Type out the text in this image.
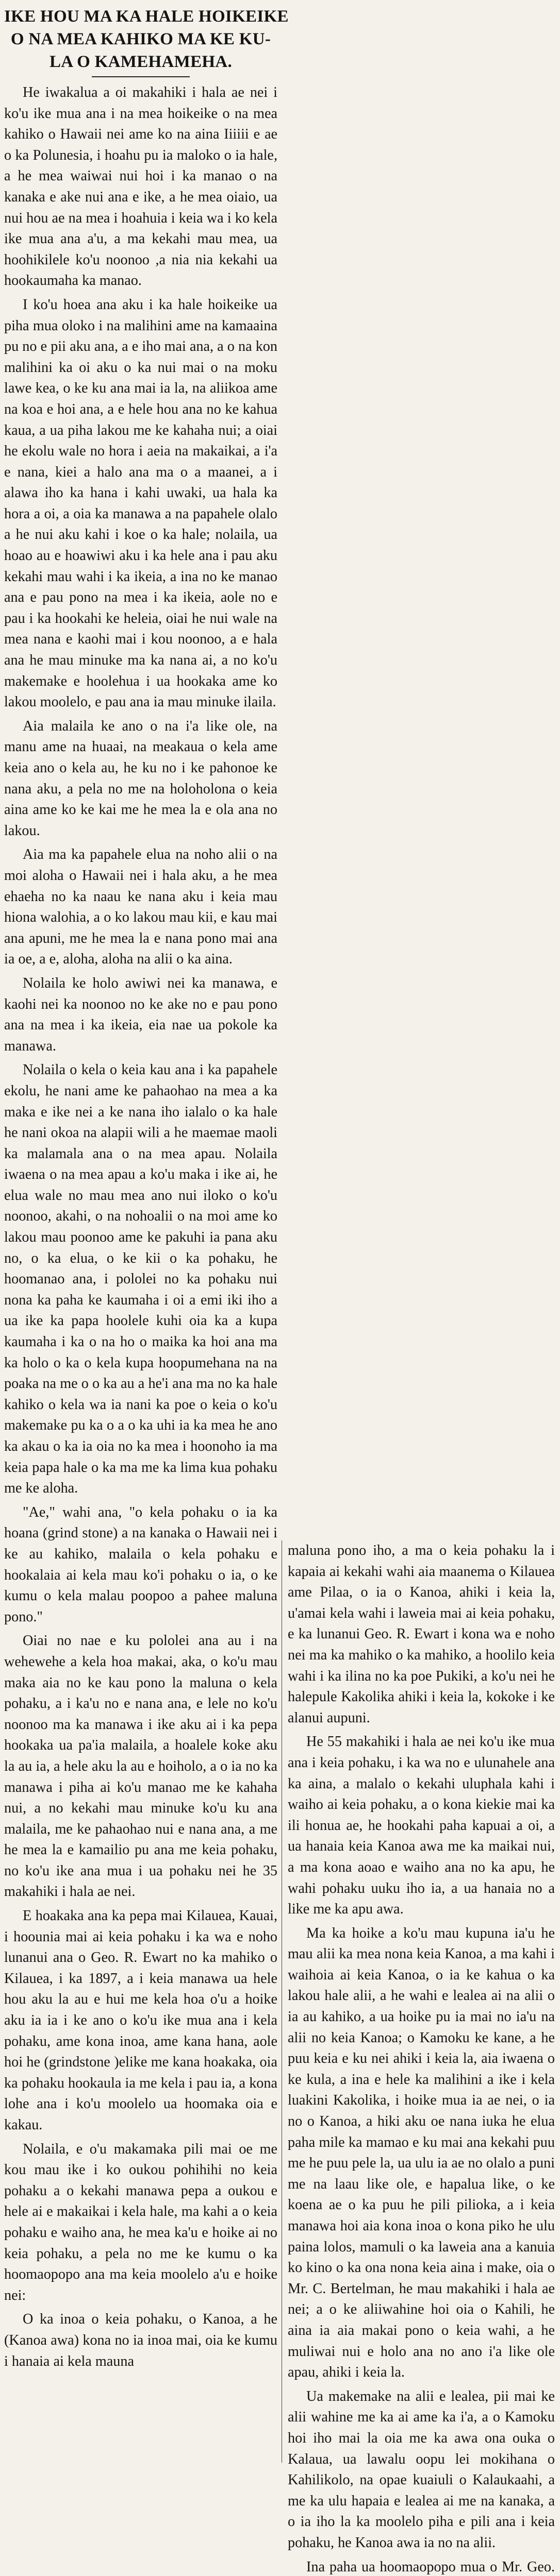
IKE HOU MA KA HALE HOIKEIKE

O NA MEA KAHIKO MA KE KU-

LA O KAMEHAMEHA.

He iwakalua a oi makahiki i hala ae nei i ko'u ike mua ana i na mea hoikeike o na mea kahiko o Hawaii nei ame ko na aina Iiiiii e ae o ka Polunesia, i hoahu pu ia maloko o ia hale, a he mea waiwai nui hoi i ka manao o na kanaka e ake nui ana e ike, a he mea oiaio, ua nui hou ae na mea i hoahuia i keia wa i ko kela ike mua ana a'u, a ma kekahi mau mea, ua hoohikilele ko'u noonoo ,a nia nia kekahi ua hookaumaha ka manao.

I ko'u hoea ana aku i ka hale hoikeike ua piha mua oloko i na malihini ame na kamaaina pu no e pii aku ana, a e iho mai ana, a o na kon malihini ka oi aku o ka nui mai o na moku lawe kea, o ke ku ana mai ia la, na aliikoa ame na koa e hoi ana, a e hele hou ana no ke kahua kaua, a ua piha lakou me ke kahaha nui; a oiai he ekolu wale no hora i aeia na makaikai, a i'a e nana, kiei a halo ana ma o a maanei, a i alawa iho ka hana i kahi uwaki, ua hala ka hora a oi, a oia ka manawa a na papahele olalo a he nui aku kahi i koe o ka hale; nolaila, ua hoao au e hoawiwi aku i ka hele ana i pau aku kekahi mau wahi i ka ikeia, a ina no ke manao ana e pau pono na mea i ka ikeia, aole no e pau i ka hookahi ke heleia, oiai he nui wale na mea nana e kaohi mai i kou noonoo, a e hala ana he mau minuke ma ka nana ai, a no ko'u makemake e hoolehua i ua hookaka ame ko lakou moolelo, e pau ana ia mau minuke ilaila.

Aia malaila ke ano o na i'a like ole, na manu ame na huaai, na meakaua o kela ame keia ano o kela au, he ku no i ke pahonoe ke nana aku, a pela no me na holoholona o keia aina ame ko ke kai me he mea la e ola ana no lakou.

Aia ma ka papahele elua na noho alii o na moi aloha o Hawaii nei i hala aku, a he mea ehaeha no ka naau ke nana aku i keia mau hiona walohia, a o ko lakou mau kii, e kau mai ana apuni, me he mea la e nana pono mai ana ia oe, a e, aloha, aloha na alii o ka aina.

Nolaila ke holo awiwi nei ka manawa, e kaohi nei ka noonoo no ke ake no e pau pono ana na mea i ka ikeia, eia nae ua pokole ka manawa.

Nolaila o kela o keia kau ana i ka papahele ekolu, he nani ame ke pahaohao na mea a ka maka e ike nei a ke nana iho ialalo o ka hale he nani okoa na alapii wili a he maemae maoli ka malamala ana o na mea apau. Nolaila iwaena o na mea apau a ko'u maka i ike ai, he elua wale no mau mea ano nui iloko o ko'u noonoo, akahi, o na nohoalii o na moi ame ko lakou mau poonoo ame ke pakuhi ia pana aku no, o ka elua, o ke kii o ka pohaku, he hoomanao ana, i pololei no ka pohaku nui nona ka paha ke kaumaha i oi a emi iki iho a ua ike ka papa hoolele kuhi oia ka a kupa kaumaha i ka o na ho o maika ka hoi ana ma ka holo o ka o kela kupa hoopumehana na na poaka na me o o ka au a he'i ana ma no ka hale kahiko o kela wa ia nani ka poe o keia o ko'u makemake pu ka o a o ka uhi ia ka mea he ano ka akau o ka ia oia no ka mea i hoonoho ia ma keia papa hale o ka ma me ka lima kua pohaku me ke aloha.

"Ae," wahi ana, "o kela pohaku o ia ka hoana (grind stone) a na kanaka o Hawaii nei i ke au kahiko, malaila o kela pohaku e hookalaia ai kela mau ko'i pohaku o ia, o ke kumu o kela malau poopoo a pahee maluna pono."

Oiai no nae e ku pololei ana au i na wehewehe a kela hoa makai, aka, o ko'u mau maka aia no ke kau pono la maluna o kela pohaku, a i ka'u no e nana ana, e lele no ko'u noonoo ma ka manawa i ike aku ai i ka pepa hookaka ua pa'ia malaila, a hoalele koke aku la au ia, a hele aku la au e hoiholo, a o ia no ka manawa i piha ai ko'u manao me ke kahaha nui, a no kekahi mau minuke ko'u ku ana malaila, me ke pahaohao nui e nana ana, a me he mea la e kamailio pu ana me keia pohaku, no ko'u ike ana mua i ua pohaku nei he 35 makahiki i hala ae nei.

E hoakaka ana ka pepa mai Kilauea, Kauai, i hoounia mai ai keia pohaku i ka wa e noho lunanui ana o Geo. R. Ewart no ka mahiko o Kilauea, i ka 1897, a i keia manawa ua hele hou aku la au e hui me kela hoa o'u a hoike aku ia ia i ke ano o ko'u ike mua ana i kela pohaku, ame kona inoa, ame kana hana, aole hoi he (grindstone )elike me kana hoakaka, oia ka pohaku hookaula ia me kela i pau ia, a kona lohe ana i ko'u moolelo ua hoomaka oia e kakau.

Nolaila, e o'u makamaka pili mai oe me kou mau ike i ko oukou pohihihi no keia pohaku a o kekahi manawa pepa a oukou e hele ai e makaikai i kela hale, ma kahi a o keia pohaku e waiho ana, he mea ka'u e hoike ai no keia pohaku, a pela no me ke kumu o ka hoomaopopo ana ma keia moolelo a'u e hoike nei:

O ka inoa o keia pohaku, o Kanoa, a he (Kanoa awa) kona no ia inoa mai, oia ke kumu i hanaia ai kela mauna

maluna pono iho, a ma o keia pohaku la i kapaia ai kekahi wahi aia maanema o Kilauea ame Pilaa, o ia o Kanoa, ahiki i keia la, u'amai kela wahi i laweia mai ai keia pohaku, e ka lunanui Geo. R. Ewart i kona wa e noho nei ma ka mahiko o ka mahiko, a hoolilo keia wahi i ka ilina no ka poe Pukiki, a ko'u nei he halepule Kakolika ahiki i keia la, kokoke i ke alanui aupuni.

He 55 makahiki i hala ae nei ko'u ike mua ana i keia pohaku, i ka wa no e ulunahele ana ka aina, a malalo o kekahi uluphala kahi i waiho ai keia pohaku, a o kona kiekie mai ka ili honua ae, he hookahi paha kapuai a oi, a ua hanaia keia Kanoa awa me ka maikai nui, a ma kona aoao e waiho ana no ka apu, he wahi pohaku uuku iho ia, a ua hanaia no a like me ka apu awa.

Ma ka hoike a ko'u mau kupuna ia'u he mau alii ka mea nona keia Kanoa, a ma kahi i waihoia ai keia Kanoa, o ia ke kahua o ka lakou hale alii, a he wahi e lealea ai na alii o ia au kahiko, a ua hoike pu ia mai no ia'u na alii no keia Kanoa; o Kamoku ke kane, a he puu keia e ku nei ahiki i keia la, aia iwaena o ke kula, a ina e hele ka malihini a ike i kela luakini Kakolika, i hoike mua ia ae nei, o ia no o Kanoa, a hiki aku oe nana iuka he elua paha mile ka mamao e ku mai ana kekahi puu me he puu pele la, ua ulu ia ae no olalo a puni me na laau like ole, e hapalua like, o ke koena ae o ka puu he pili pilioka, a i keia manawa hoi aia kona inoa o kona piko he ulu paina lolos, mamuli o ka laweia ana a kanuia ko kino o ka ona nona keia aina i make, oia o Mr. C. Bertelman, he mau makahiki i hala ae nei; a o ke aliiwahine hoi oia o Kahili, he aina ia aia makai pono o keia wahi, a he muliwai nui e holo ana no ano i'a like ole apau, ahiki i keia la.

Ua makemake na alii e lealea, pii mai ke alii wahine me ka ai ame ka i'a, a o Kamoku hoi iho mai la oia me ka awa ona ouka o Kalaua, ua lawalu oopu lei mokihana o Kahilikolo, na opae kuaiuli o Kalaukaahi, a me ka ulu hapaia e lealea ai me na kanaka, a o ia iho la ka moolelo piha e pili ana i keia pohaku, he Kanoa awa ia no na alii.

Ina paha ua hoomaopopo mua o Mr. Geo.
